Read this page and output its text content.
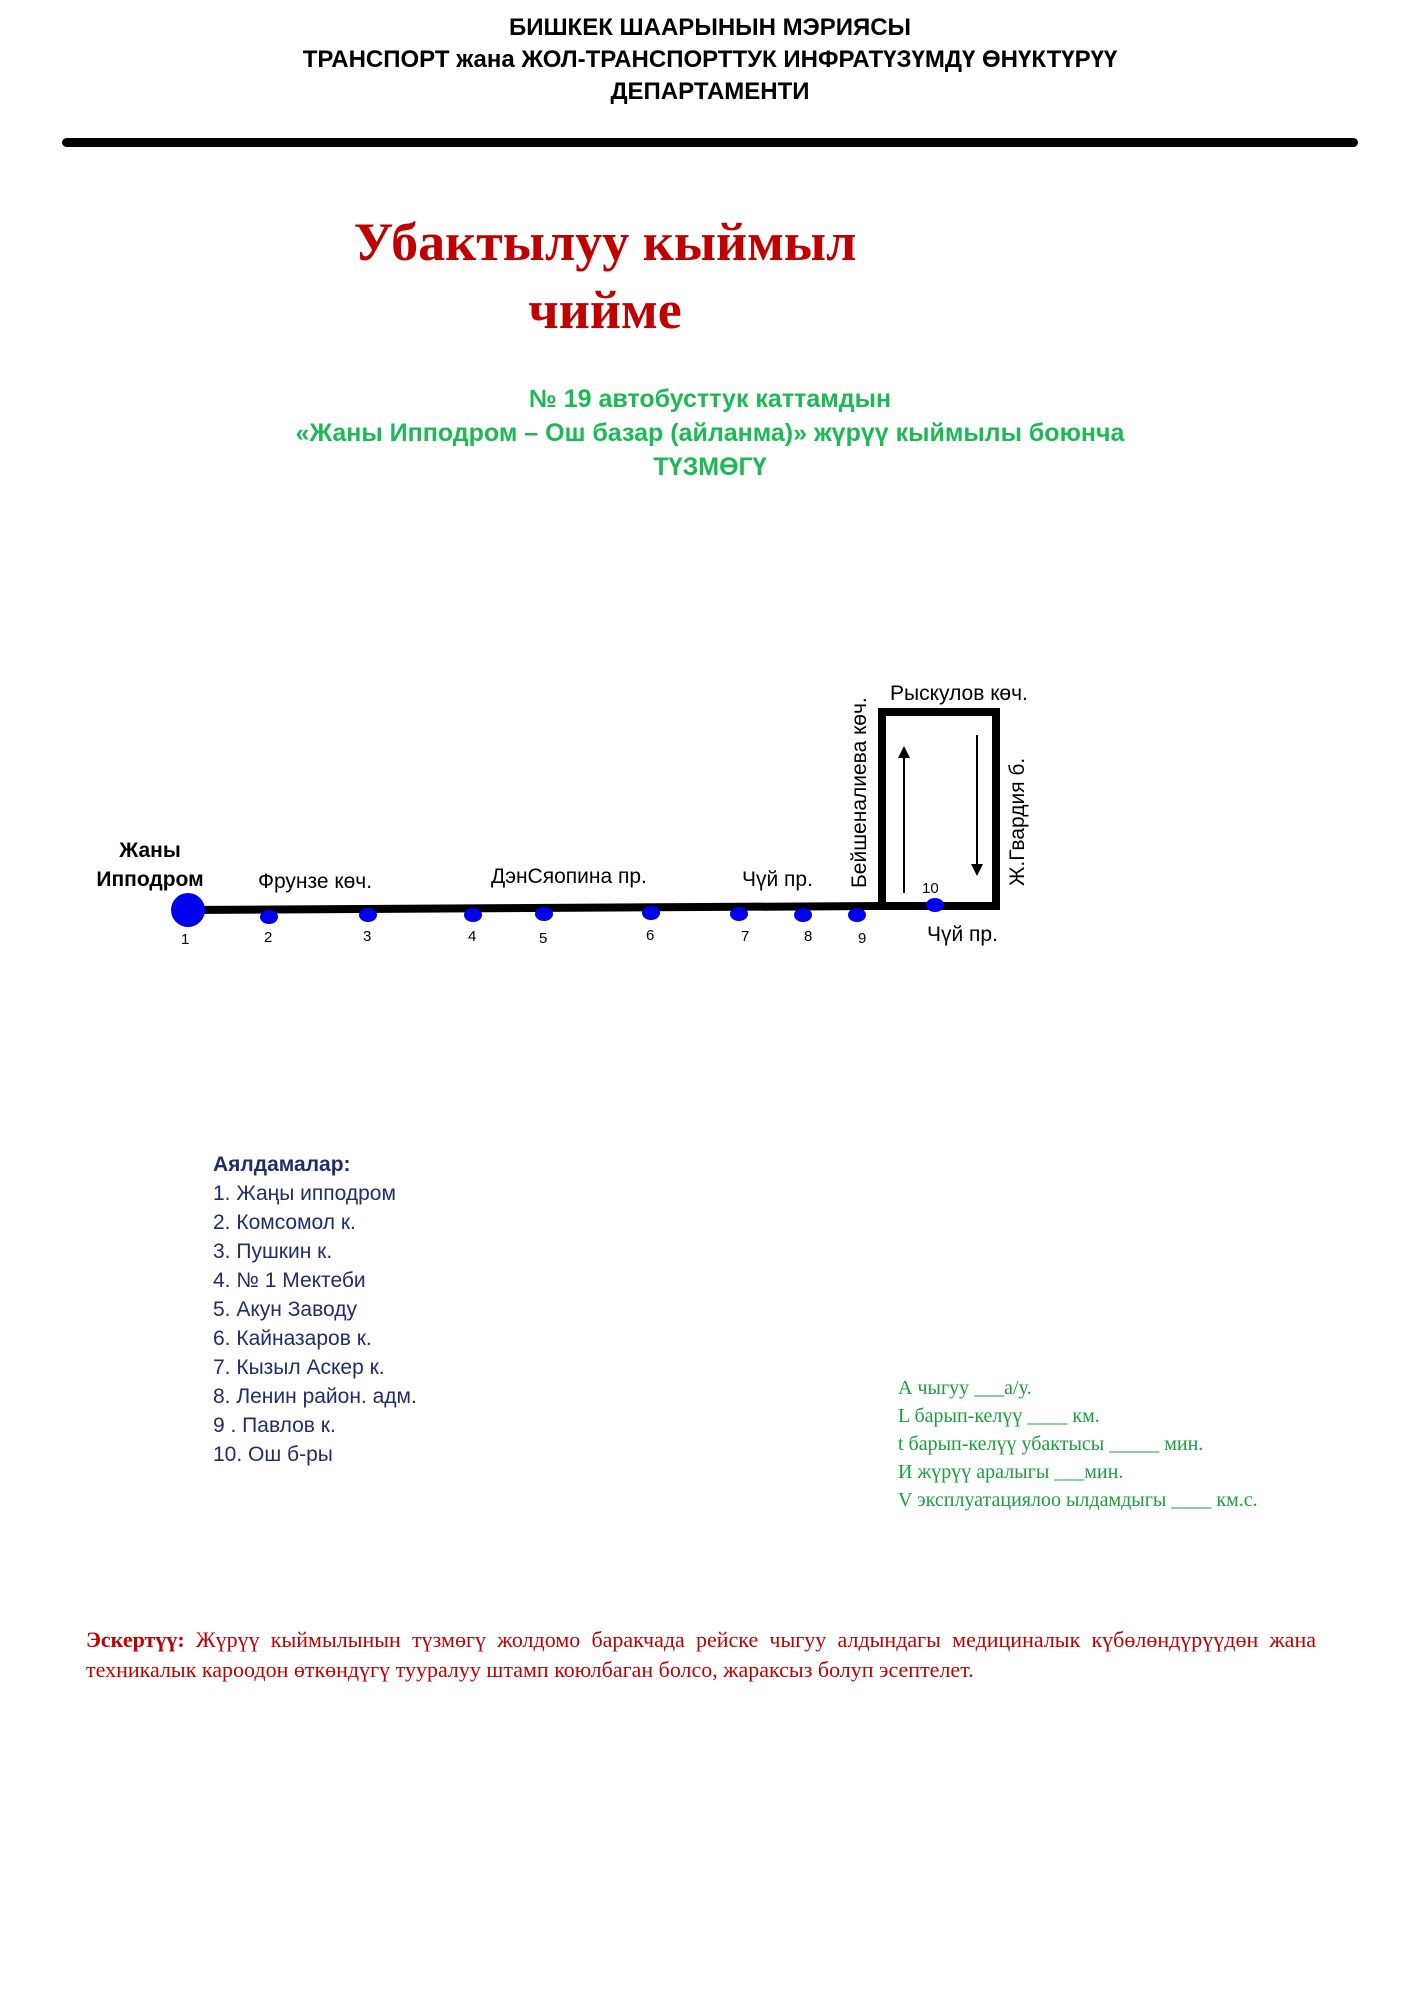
БИШКЕК ШААРЫНЫН МЭРИЯСЫ
ТРАНСПОРТ жана ЖОЛ-ТРАНСПОРТТУК ИНФРАТҮЗҮМДҮ ӨНҮКТҮРҮҮ
ДЕПАРТАМЕНТИ
Убактылуу кыймыл
чийме
№ 19 автобусттук каттамдын
«Жаны Ипподром – Ош базар (айланма)» жүрүү кыймылы боюнча
ТҮЗМӨГҮ
1	2	3	4	5	6	7	8	9
10
Жаны
Ипподром	Фрунзе көч.	ДэнСяопина пр.	Чүй пр.
Чүй пр.
Рыскулов көч.
Бейшеналиева көч.	Ж.Гвардия б.
Аялдамалар:
1. Жаңы ипподром
2. Комсомол к.
3. Пушкин к.
4. № 1 Мектеби
5. Акун Заводу
6. Кайназаров к.
7. Кызыл Аскер к.
8. Ленин район. адм.
9 . Павлов к.
10. Ош б-ры
А чыгуу ___а/у.
L барып-келүү ____ км.
t барып-келүү убактысы _____ мин.
И жүрүү аралыгы ___мин.
V эксплуатациялоо ылдамдыгы ____ км.с.
Эскертүү: Жүрүү кыймылынын түзмөгү жолдомо баракчада рейске чыгуу алдындагы медициналык күбөлөндүрүүдөн жана техникалык кароодон өткөндүгү тууралуу штамп коюлбаган болсо, жараксыз болуп эсептелет.
